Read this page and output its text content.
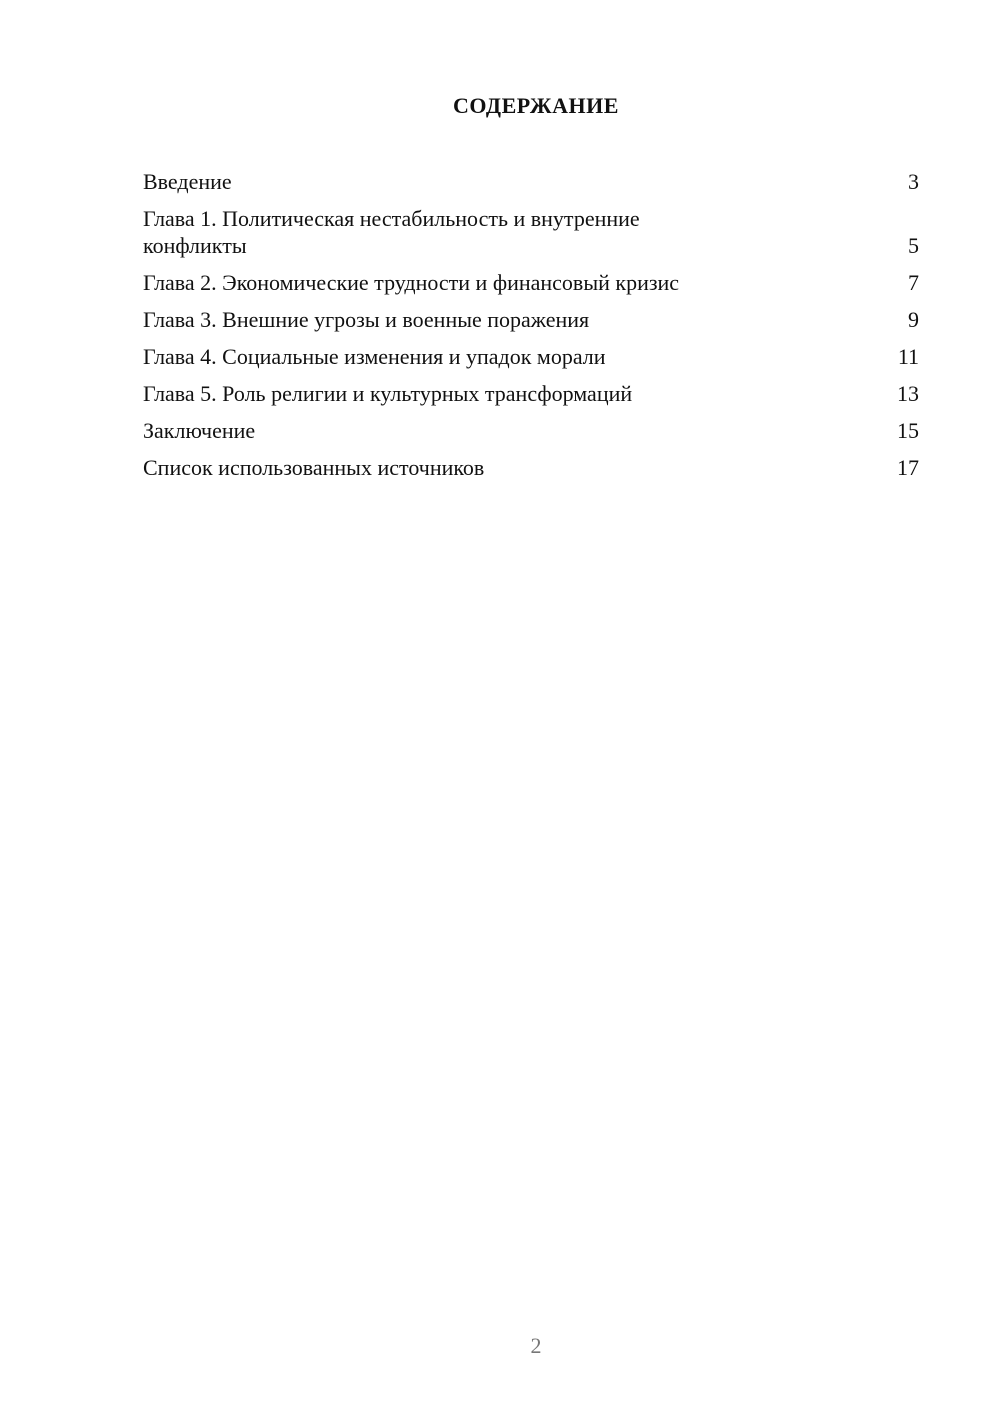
СОДЕРЖАНИЕ
Введение	3
Глава 1. Политическая нестабильность и внутренние конфликты	5
Глава 2. Экономические трудности и финансовый кризис	7
Глава 3. Внешние угрозы и военные поражения	9
Глава 4. Социальные изменения и упадок морали	11
Глава 5. Роль религии и культурных трансформаций	13
Заключение	15
Список использованных источников	17
2
